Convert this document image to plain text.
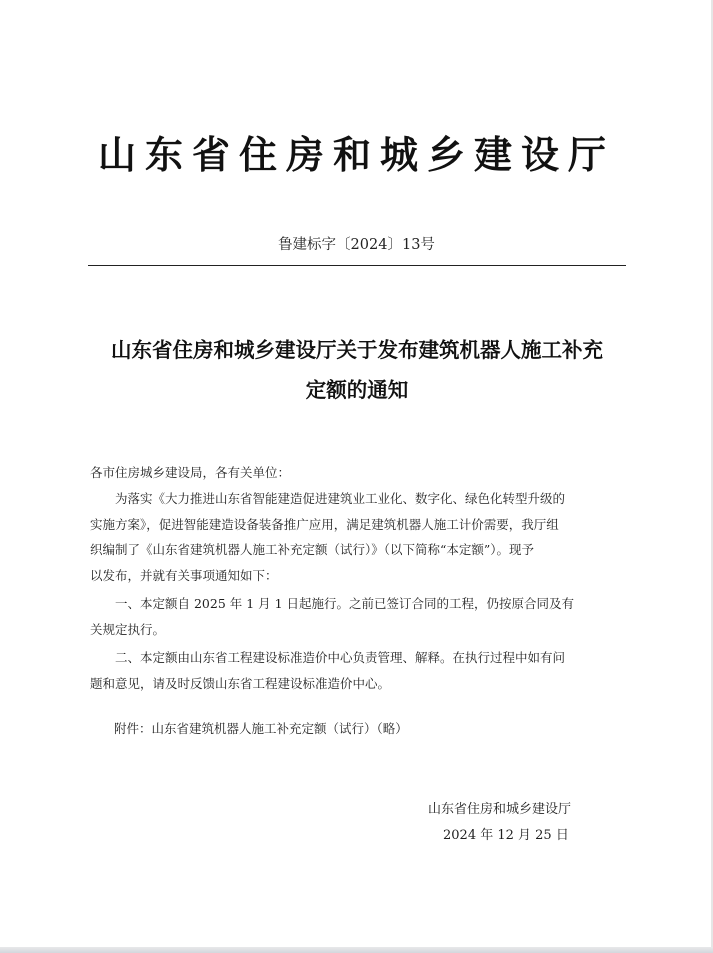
山东省住房和城乡建设厅
鲁建标字〔2024〕13号
山东省住房和城乡建设厅关于发布建筑机器人施工补充
定额的通知
各市住房城乡建设局，各有关单位：
为落实《大力推进山东省智能建造促进建筑业工业化、数字化、绿色化转型升级的
实施方案》，促进智能建造设备装备推广应用，满足建筑机器人施工计价需要，我厅组
织编制了《山东省建筑机器人施工补充定额（试行）》（以下简称“本定额”）。现予
以发布，并就有关事项通知如下：
一、本定额自 2025 年 1 月 1 日起施行。之前已签订合同的工程，仍按原合同及有
关规定执行。
二、本定额由山东省工程建设标准造价中心负责管理、解释。在执行过程中如有问
题和意见，请及时反馈山东省工程建设标准造价中心。
附件：山东省建筑机器人施工补充定额（试行）（略）
山东省住房和城乡建设厅
2024 年 12 月 25 日
